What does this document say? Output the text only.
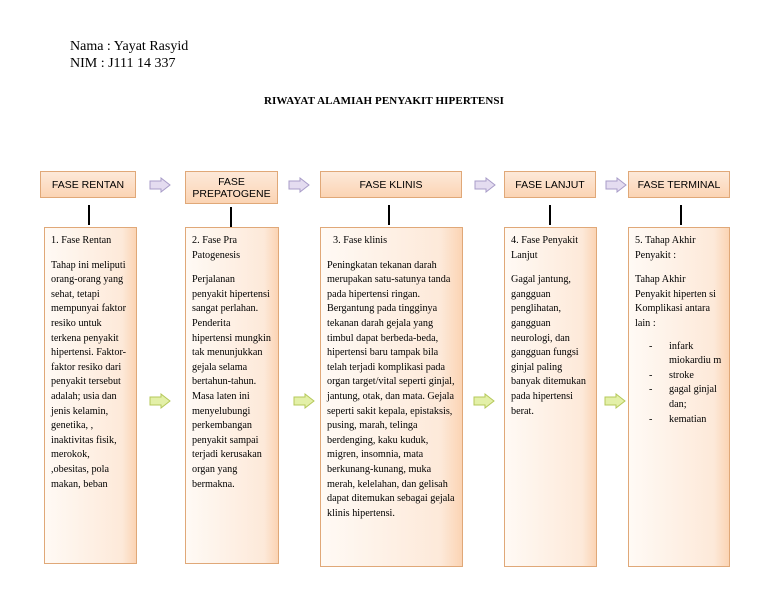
Nama : Yayat Rasyid
NIM : J111 14 337
RIWAYAT ALAMIAH PENYAKIT HIPERTENSI
FASE RENTAN	FASE PREPATOGENE
FASE KLINIS	FASE LANJUT	FASE TERMINAL
1. Fase Rentan

Tahap ini meliputi orang-orang yang sehat, tetapi mempunyai faktor resiko untuk terkena penyakit hipertensi. Faktor-faktor resiko dari penyakit tersebut adalah; usia dan jenis kelamin, genetika, , inaktivitas fisik, merokok, ,obesitas, pola makan, beban

2. Fase Pra Patogenesis

Perjalanan penyakit hipertensi sangat perlahan. Penderita hipertensi mungkin tak menunjukkan gejala selama bertahun-tahun. Masa laten ini menyelubungi perkembangan penyakit sampai terjadi kerusakan organ yang bermakna.

3. Fase klinis

Peningkatan tekanan darah merupakan satu-satunya tanda pada hipertensi ringan. Bergantung pada tingginya tekanan darah gejala yang timbul dapat berbeda-beda, hipertensi baru tampak bila telah terjadi komplikasi pada organ target/vital seperti ginjal, jantung, otak, dan mata. Gejala seperti sakit kepala, epistaksis, pusing, marah, telinga berdenging, kaku kuduk, migren, insomnia, mata berkunang-kunang, muka merah, kelelahan, dan gelisah dapat ditemukan sebagai gejala klinis hipertensi.

4. Fase Penyakit Lanjut

Gagal jantung, gangguan penglihatan, gangguan neurologi, dan gangguan fungsi ginjal paling banyak ditemukan pada hipertensi berat.

5. Tahap Akhir Penyakit :

Tahap Akhir Penyakit hiperten si Komplikasi antara lain :

- infark miokardiu m
- stroke
- gagal ginjal dan;
- kematian
